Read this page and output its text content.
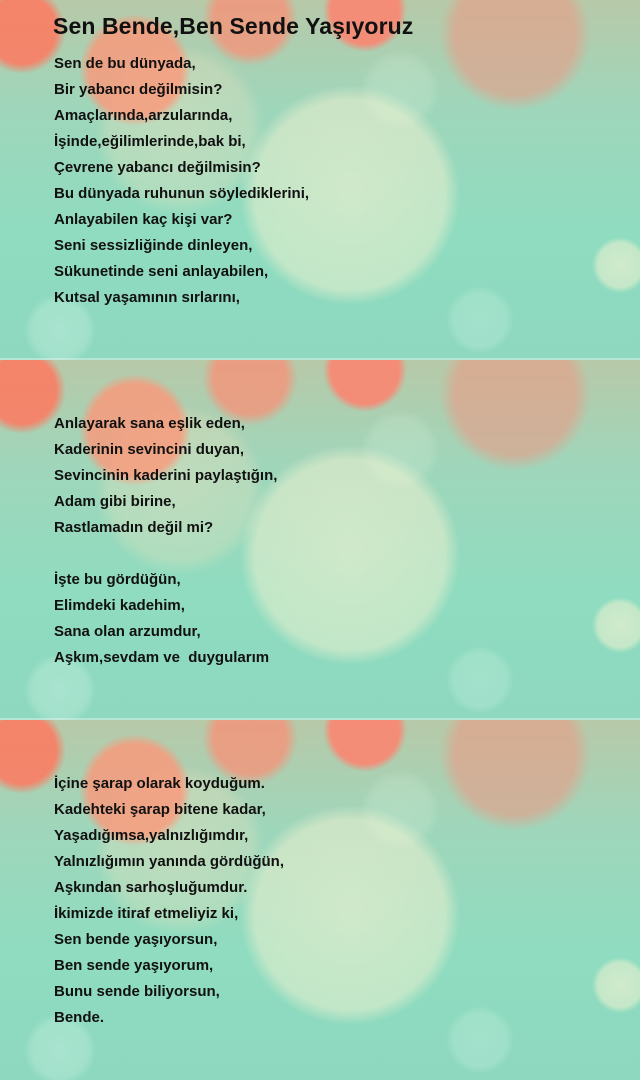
Sen Bende,Ben Sende Yaşıyoruz
Sen de bu dünyada,
Bir yabancı değilmisin?
Amaçlarında,arzularında,
İşinde,eğilimlerinde,bak bi,
Çevrene yabancı değilmisin?
Bu dünyada ruhunun söylediklerini,
Anlayabilen kaç kişi var?
Seni sessizliğinde dinleyen,
Sükunetinde seni anlayabilen,
Kutsal yaşamının sırlarını,
Anlayarak sana eşlik eden,
Kaderinin sevincini duyan,
Sevincinin kaderini paylaştığın,
Adam gibi birine,
Rastlamadın değil mi?
İşte bu gördüğün,
Elimdeki kadehim,
Sana olan arzumdur,
Aşkım,sevdam ve  duygularım
İçine şarap olarak koyduğum.
Kadehteki şarap bitene kadar,
Yaşadığımsa,yalnızlığımdır,
Yalnızlığımın yanında gördüğün,
Aşkından sarhoşluğumdur.
İkimizde itiraf etmeliyiz ki,
Sen bende yaşıyorsun,
Ben sende yaşıyorum,
Bunu sende biliyorsun,
Bende.
